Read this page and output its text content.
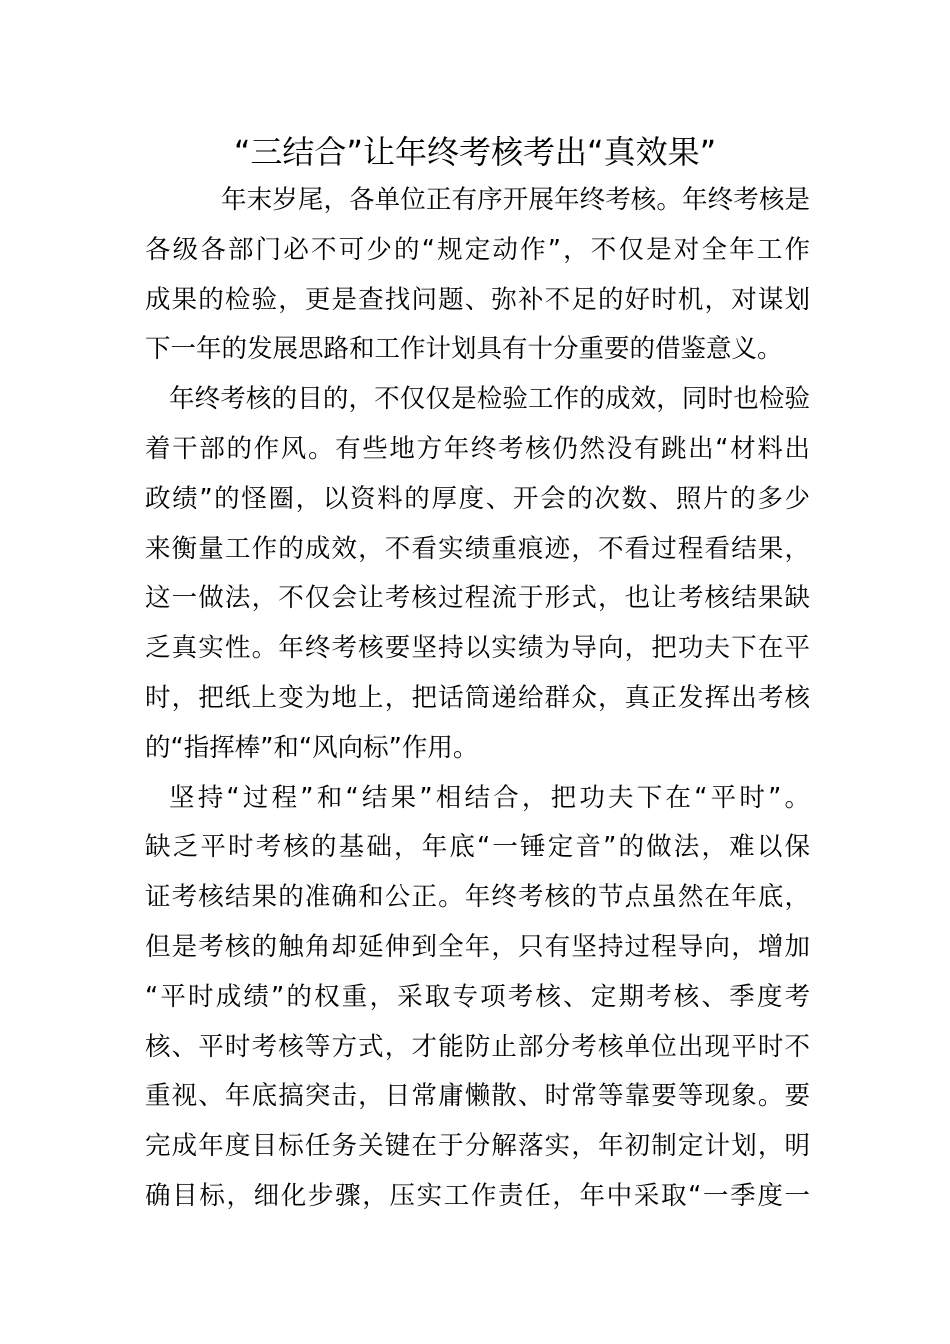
“三结合”让年终考核考出“真效果”
年末岁尾，各单位正有序开展年终考核。年终考核是
各级各部门必不可少的“规定动作”，不仅是对全年工作
成果的检验，更是查找问题、弥补不足的好时机，对谋划
下一年的发展思路和工作计划具有十分重要的借鉴意义。
年终考核的目的，不仅仅是检验工作的成效，同时也检验
着干部的作风。有些地方年终考核仍然没有跳出“材料出
政绩”的怪圈，以资料的厚度、开会的次数、照片的多少
来衡量工作的成效，不看实绩重痕迹，不看过程看结果，
这一做法，不仅会让考核过程流于形式，也让考核结果缺
乏真实性。年终考核要坚持以实绩为导向，把功夫下在平
时，把纸上变为地上，把话筒递给群众，真正发挥出考核
的“指挥棒”和“风向标”作用。
坚持“过程”和“结果”相结合，把功夫下在“平时”。
缺乏平时考核的基础，年底“一锤定音”的做法，难以保
证考核结果的准确和公正。年终考核的节点虽然在年底，
但是考核的触角却延伸到全年，只有坚持过程导向，增加
“平时成绩”的权重，采取专项考核、定期考核、季度考
核、平时考核等方式，才能防止部分考核单位出现平时不
重视、年底搞突击，日常庸懒散、时常等靠要等现象。要
完成年度目标任务关键在于分解落实，年初制定计划，明
确目标，细化步骤，压实工作责任，年中采取“一季度一
